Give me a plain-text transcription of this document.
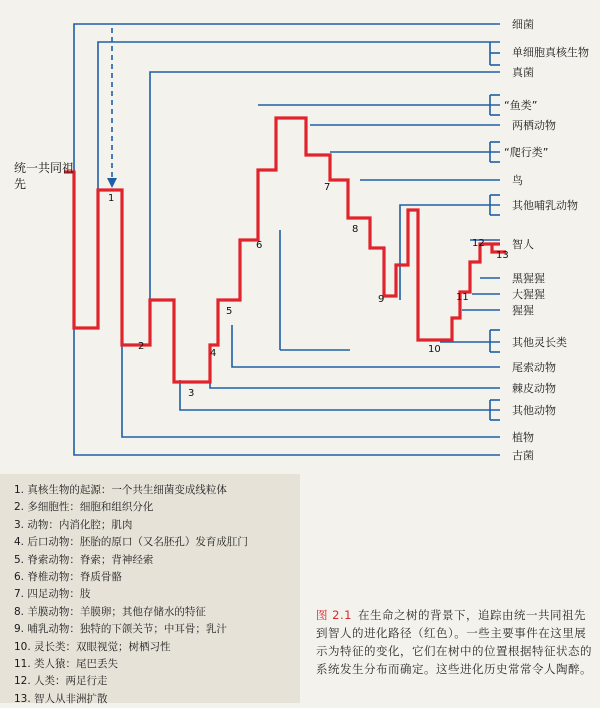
细菌
单细胞真核生物
真菌
“鱼类”
两栖动物
“爬行类”
鸟
其他哺乳动物
智人
黑猩猩
大猩猩
猩猩
其他灵长类
尾索动物
棘皮动物
其他动物
植物
古菌
1
2
3
4
5
6
7
8
9
10
11
12
13
统一共同祖先
1. 真核生物的起源：一个共生细菌变成线粒体
2. 多细胞性：细胞和组织分化
3. 动物：内消化腔；肌肉
4. 后口动物：胚胎的原口（又名胚孔）发育成肛门
5. 脊索动物：脊索；背神经索
6. 脊椎动物：脊质骨骼
7. 四足动物：肢
8. 羊膜动物：羊膜卵；其他存储水的特征
9. 哺乳动物：独特的下颌关节；中耳骨；乳汁
10. 灵长类：双眼视觉；树栖习性
11. 类人猿：尾巴丢失
12. 人类：两足行走
13. 智人从非洲扩散
图 2.1 在生命之树的背景下，追踪由统一共同祖先到智人的进化路径（红色）。一些主要事件在这里展示为特征的变化，它们在树中的位置根据特征状态的系统发生分布而确定。这些进化历史常常令人陶醉。
